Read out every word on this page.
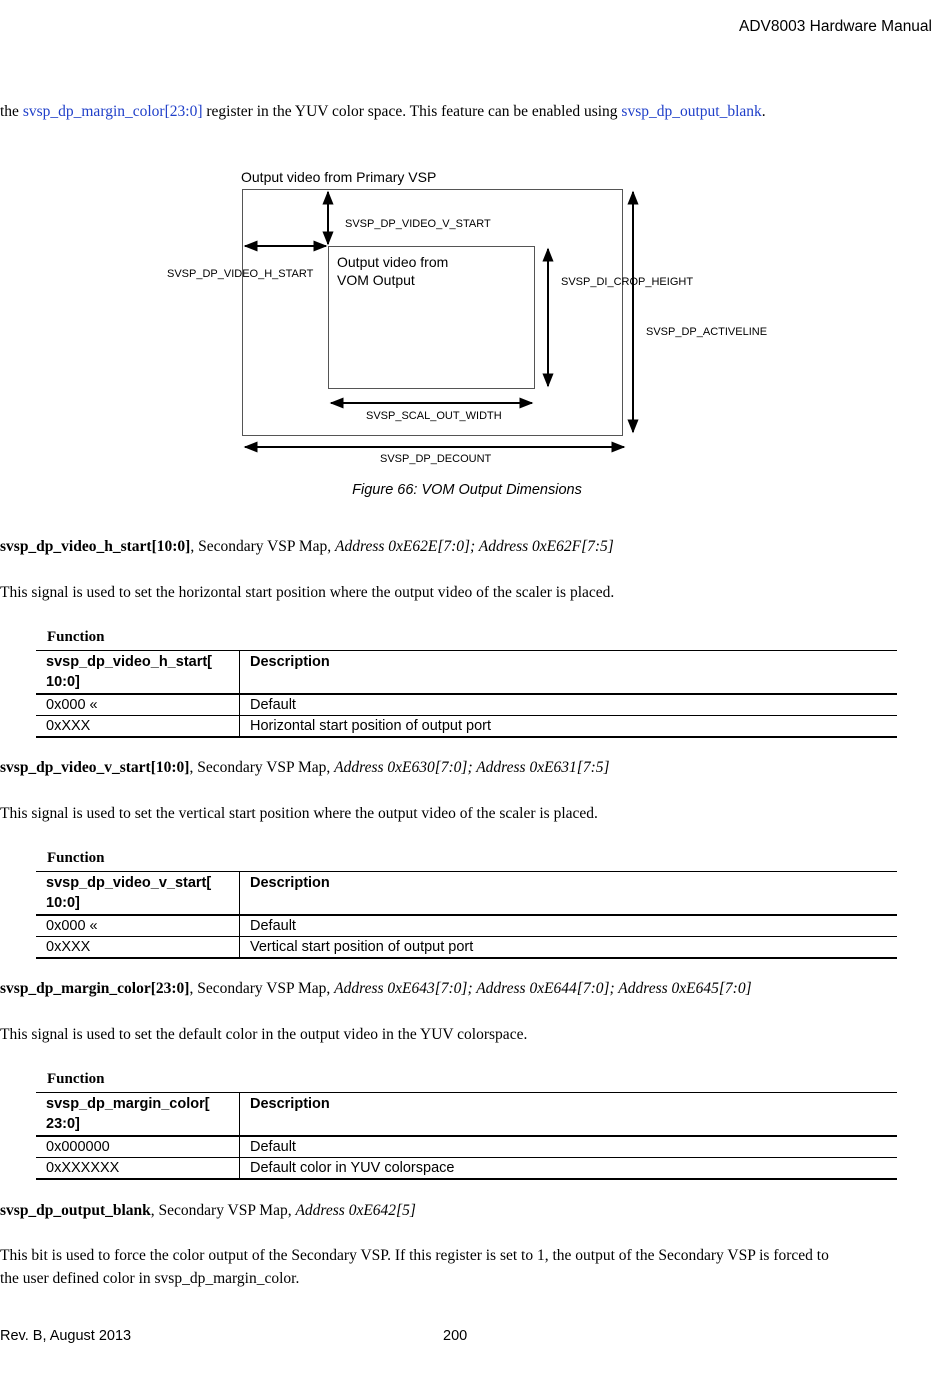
ADV8003 Hardware Manual
the svsp_dp_margin_color[23:0] register in the YUV color space. This feature can be enabled using svsp_dp_output_blank.
Output video from Primary VSP
Output video from
VOM Output
SVSP_DP_VIDEO_V_START
SVSP_DP_VIDEO_H_START
SVSP_DI_CROP_HEIGHT
SVSP_DP_ACTIVELINE
SVSP_SCAL_OUT_WIDTH
SVSP_DP_DECOUNT
Figure 66: VOM Output Dimensions
svsp_dp_video_h_start[10:0], Secondary VSP Map, Address 0xE62E[7:0]; Address 0xE62F[7:5]
This signal is used to set the horizontal start position where the output video of the scaler is placed.
Function
svsp_dp_video_h_start[
10:0]	Description
0x000 «	Default
0xXXX	Horizontal start position of output port
svsp_dp_video_v_start[10:0], Secondary VSP Map, Address 0xE630[7:0]; Address 0xE631[7:5]
This signal is used to set the vertical start position where the output video of the scaler is placed.
Function
svsp_dp_video_v_start[
10:0]	Description
0x000 «	Default
0xXXX	Vertical start position of output port
svsp_dp_margin_color[23:0], Secondary VSP Map, Address 0xE643[7:0]; Address 0xE644[7:0]; Address 0xE645[7:0]
This signal is used to set the default color in the output video in the YUV colorspace.
Function
svsp_dp_margin_color[
23:0]	Description
0x000000	Default
0xXXXXXX	Default color in YUV colorspace
svsp_dp_output_blank, Secondary VSP Map, Address 0xE642[5]
This bit is used to force the color output of the Secondary VSP. If this register is set to 1, the output of the Secondary VSP is forced to
the user defined color in svsp_dp_margin_color.
Rev. B, August 2013	200
